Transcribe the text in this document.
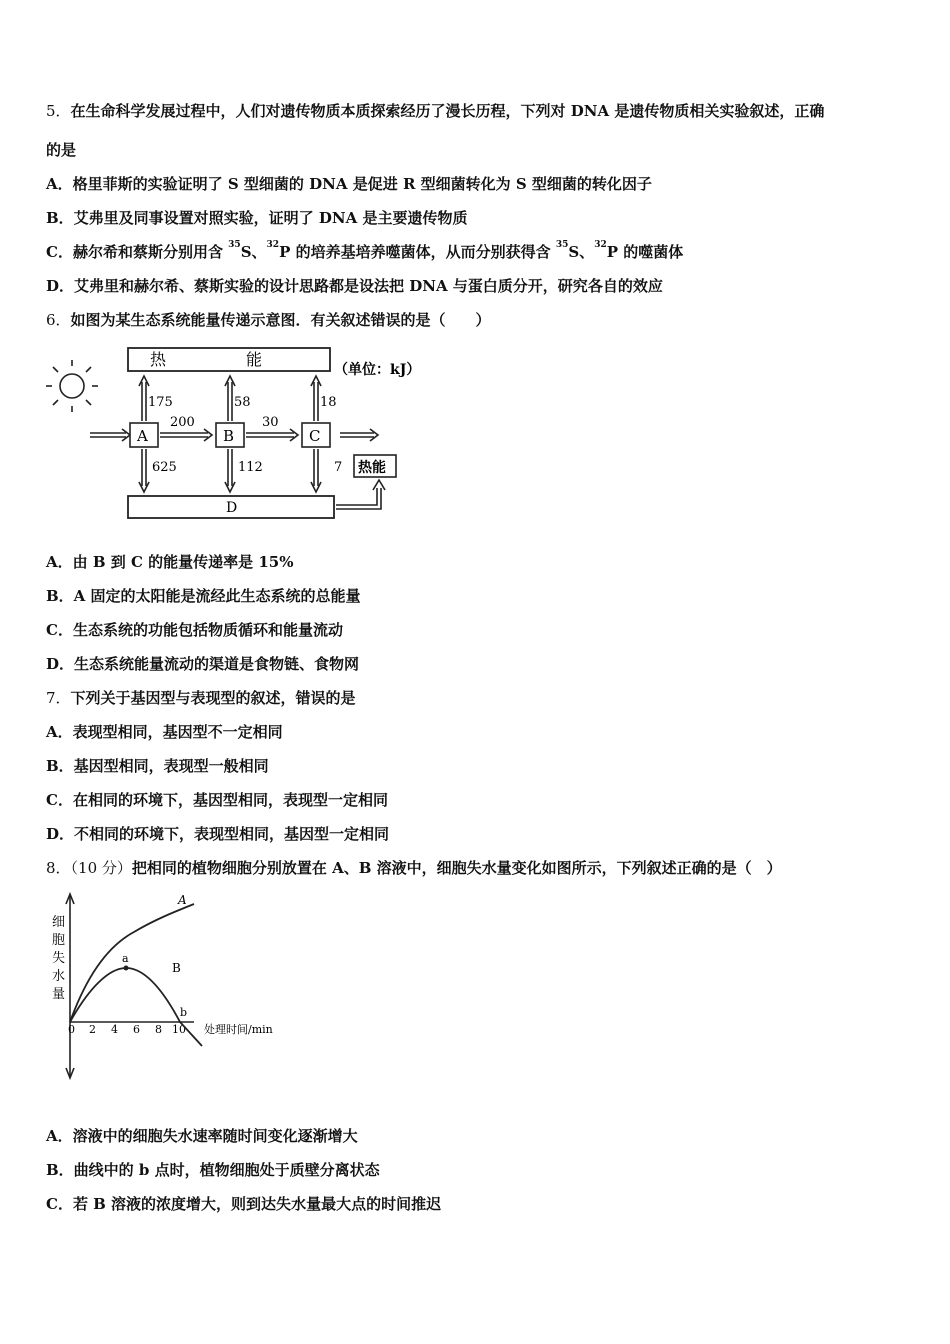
5．在生命科学发展过程中，人们对遗传物质本质探索经历了漫长历程，下列对 DNA 是遗传物质相关实验叙述，正确
的是
A．格里菲斯的实验证明了 S 型细菌的 DNA 是促进 R 型细菌转化为 S 型细菌的转化因子
B．艾弗里及同事设置对照实验，证明了 DNA 是主要遗传物质
C．赫尔希和蔡斯分别用含 $^{35}$S、$^{32}$P 的培养基培养噬菌体，从而分别获得含 $^{35}$S、$^{32}$P 的噬菌体
D．艾弗里和赫尔希、蔡斯实验的设计思路都是设法把 DNA 与蛋白质分开，研究各自的效应
6．如图为某生态系统能量传递示意图．有关叙述错误的是（　　）
热　　　　　能
（单位：kJ）
A	B	C
200	30
175	58	18
625	112	7 热能
D
A．由 B 到 C 的能量传递率是 15%
B．A 固定的太阳能是流经此生态系统的总能量
C．生态系统的功能包括物质循环和能量流动
D．生态系统能量流动的渠道是食物链、食物网
7．下列关于基因型与表现型的叙述，错误的是
A．表现型相同，基因型不一定相同
B．基因型相同，表现型一般相同
C．在相同的环境下，基因型相同，表现型一定相同
D．不相同的环境下，表现型相同，基因型一定相同
8．（10 分）把相同的植物细胞分别放置在 A、B 溶液中，细胞失水量变化如图所示，下列叙述正确的是（　）
细
胞
失
水
量
0 2 4 6 8 10 处理时间/min
A
a
B
b
A．溶液中的细胞失水速率随时间变化逐渐增大
B．曲线中的 b 点时，植物细胞处于质壁分离状态
C．若 B 溶液的浓度增大，则到达失水量最大点的时间推迟
